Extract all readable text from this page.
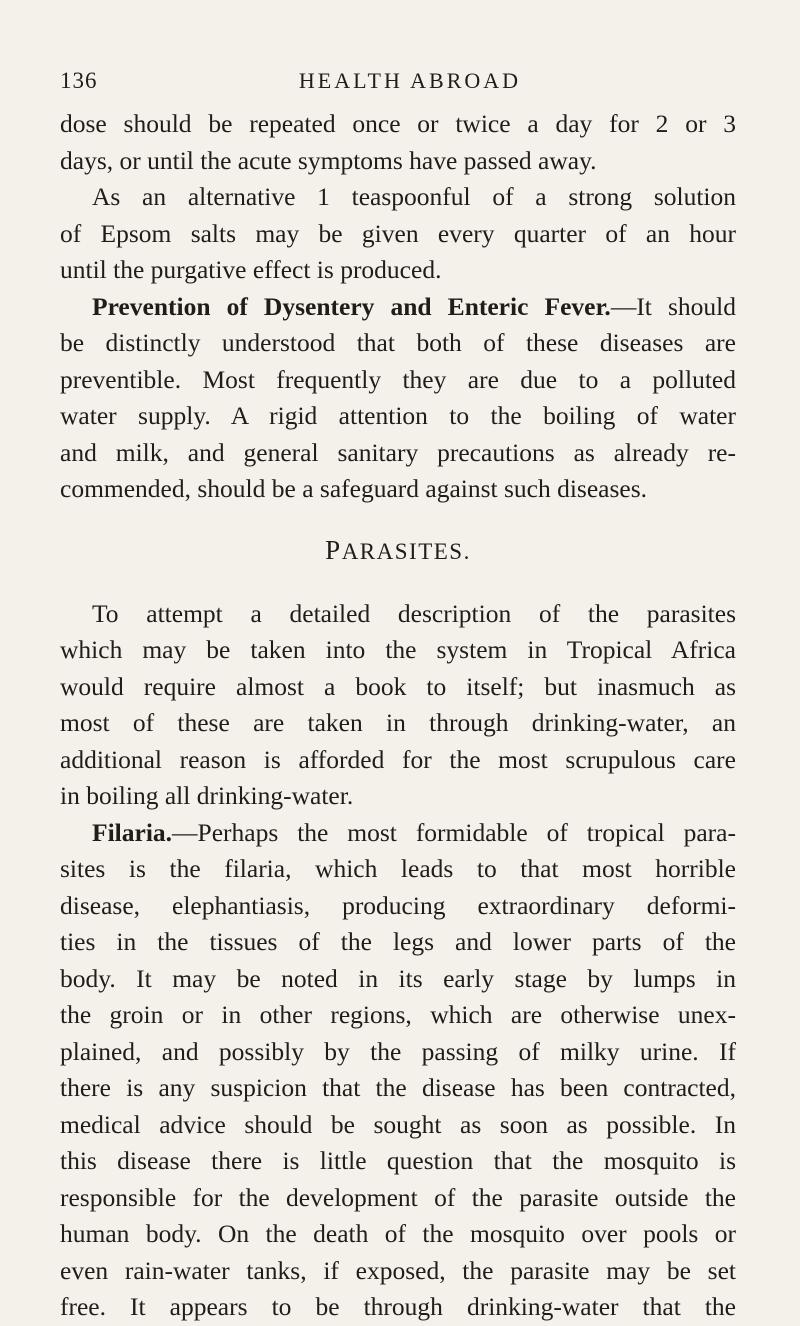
136	HEALTH ABROAD
dose should be repeated once or twice a day for 2 or 3
days, or until the acute symptoms have passed away.
As an alternative 1 teaspoonful of a strong solution
of Epsom salts may be given every quarter of an hour
until the purgative effect is produced.
Prevention of Dysentery and Enteric Fever.—It should
be distinctly understood that both of these diseases are
preventible. Most frequently they are due to a polluted
water supply. A rigid attention to the boiling of water
and milk, and general sanitary precautions as already re-
commended, should be a safeguard against such diseases.
PARASITES.
To attempt a detailed description of the parasites
which may be taken into the system in Tropical Africa
would require almost a book to itself; but inasmuch as
most of these are taken in through drinking-water, an
additional reason is afforded for the most scrupulous care
in boiling all drinking-water.
Filaria.—Perhaps the most formidable of tropical para-
sites is the filaria, which leads to that most horrible
disease, elephantiasis, producing extraordinary deformi-
ties in the tissues of the legs and lower parts of the
body. It may be noted in its early stage by lumps in
the groin or in other regions, which are otherwise unex-
plained, and possibly by the passing of milky urine. If
there is any suspicion that the disease has been contracted,
medical advice should be sought as soon as possible. In
this disease there is little question that the mosquito is
responsible for the development of the parasite outside the
human body. On the death of the mosquito over pools or
even rain-water tanks, if exposed, the parasite may be set
free. It appears to be through drinking-water that the
